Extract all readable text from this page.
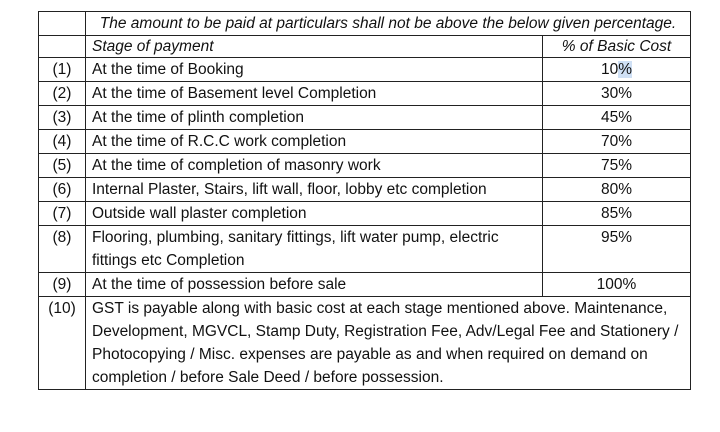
	The amount to be paid at particulars shall not be above the below given percentage.	
	Stage of payment	% of Basic Cost
(1)	At the time of Booking	10%
(2)	At the time of Basement level Completion	30%
(3)	At the time of plinth completion	45%
(4)	At the time of R.C.C work completion	70%
(5)	At the time of completion of masonry work	75%
(6)	Internal Plaster, Stairs, lift wall, floor, lobby etc completion	80%
(7)	Outside wall plaster completion	85%
(8)	Flooring, plumbing, sanitary fittings, lift water pump, electric fittings etc Completion	95%
(9)	At the time of possession before sale	100%
(10)	GST is payable along with basic cost at each stage mentioned above. Maintenance, Development, MGVCL, Stamp Duty, Registration Fee, Adv/Legal Fee and Stationery / Photocopying / Misc. expenses are payable as and when required on demand on completion / before Sale Deed / before possession.	
